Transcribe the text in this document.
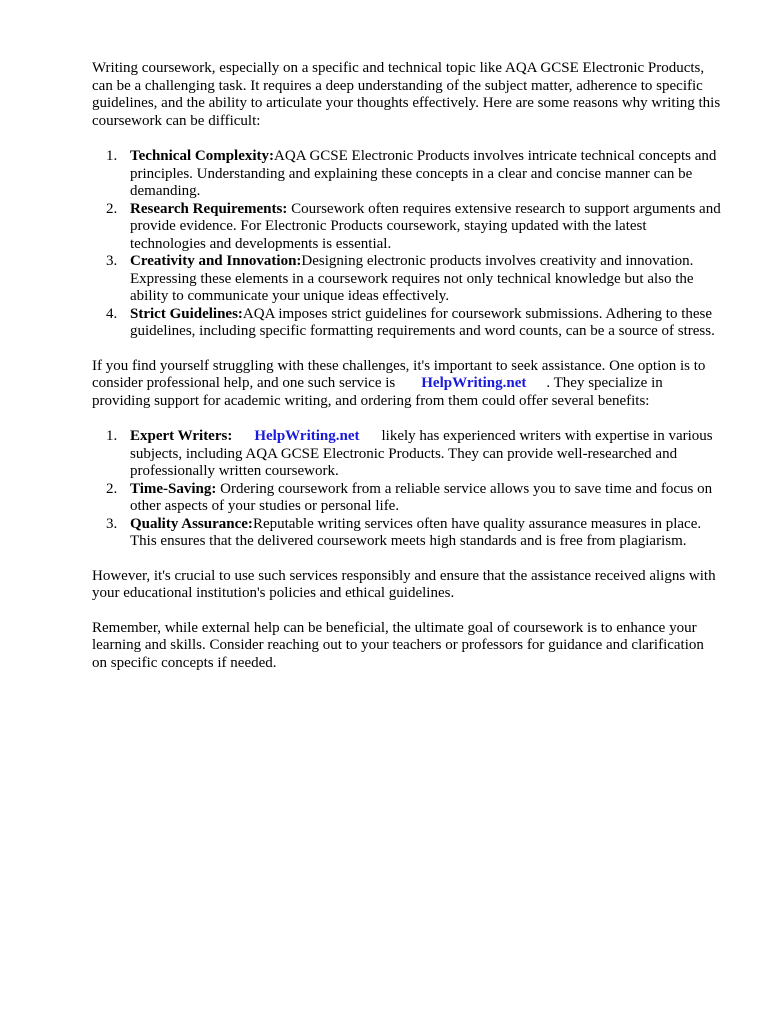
Writing coursework, especially on a specific and technical topic like AQA GCSE Electronic Products, can be a challenging task. It requires a deep understanding of the subject matter, adherence to specific guidelines, and the ability to articulate your thoughts effectively. Here are some reasons why writing this coursework can be difficult:

1. Technical Complexity:AQA GCSE Electronic Products involves intricate technical concepts and principles. Understanding and explaining these concepts in a clear and concise manner can be demanding.
2. Research Requirements: Coursework often requires extensive research to support arguments and provide evidence. For Electronic Products coursework, staying updated with the latest technologies and developments is essential.
3. Creativity and Innovation:Designing electronic products involves creativity and innovation. Expressing these elements in a coursework requires not only technical knowledge but also the ability to communicate your unique ideas effectively.
4. Strict Guidelines:AQA imposes strict guidelines for coursework submissions. Adhering to these guidelines, including specific formatting requirements and word counts, can be a source of stress.

If you find yourself struggling with these challenges, it's important to seek assistance. One option is to consider professional help, and one such service is HelpWriting.net . They specialize in providing support for academic writing, and ordering from them could offer several benefits:

1. Expert Writers: HelpWriting.net likely has experienced writers with expertise in various subjects, including AQA GCSE Electronic Products. They can provide well-researched and professionally written coursework.
2. Time-Saving: Ordering coursework from a reliable service allows you to save time and focus on other aspects of your studies or personal life.
3. Quality Assurance:Reputable writing services often have quality assurance measures in place. This ensures that the delivered coursework meets high standards and is free from plagiarism.

However, it's crucial to use such services responsibly and ensure that the assistance received aligns with your educational institution's policies and ethical guidelines.

Remember, while external help can be beneficial, the ultimate goal of coursework is to enhance your learning and skills. Consider reaching out to your teachers or professors for guidance and clarification on specific concepts if needed.
